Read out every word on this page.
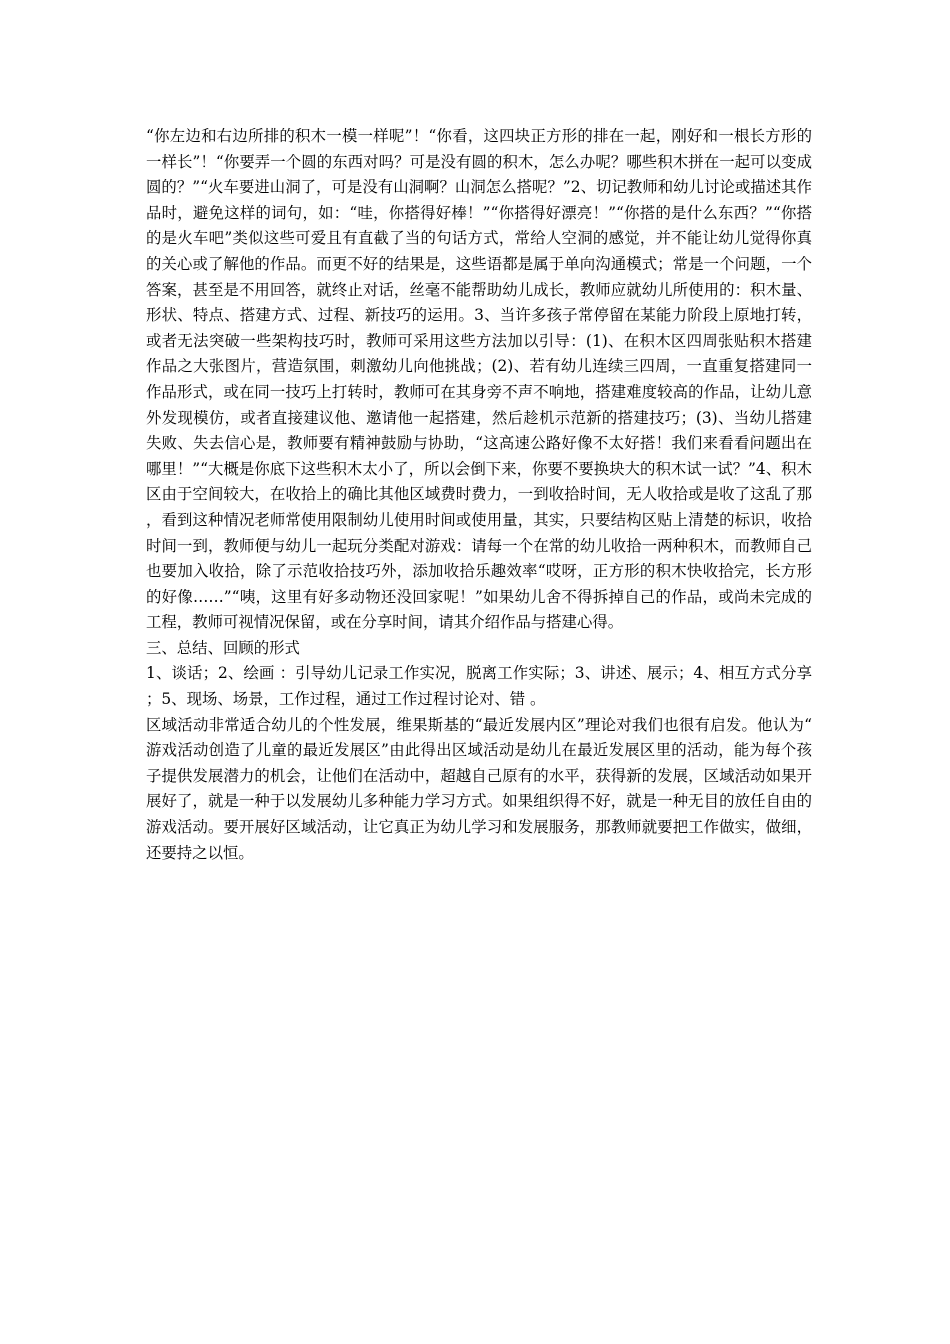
“你左边和右边所排的积木一模一样呢”！“你看，这四块正方形的排在一起，刚好和一根长方形的一样长”！“你要弄一个圆的东西对吗？可是没有圆的积木，怎么办呢？哪些积木拼在一起可以变成圆的？”“火车要进山洞了，可是没有山洞啊？山洞怎么搭呢？”2、切记教师和幼儿讨论或描述其作品时，避免这样的词句，如：“哇，你搭得好棒！”“你搭得好漂亮！”“你搭的是什么东西？”“你搭的是火车吧”类似这些可爱且有直截了当的句话方式，常给人空洞的感觉，并不能让幼儿觉得你真的关心或了解他的作品。而更不好的结果是，这些语都是属于单向沟通模式；常是一个问题，一个答案，甚至是不用回答，就终止对话，丝毫不能帮助幼儿成长，教师应就幼儿所使用的：积木量、形状、特点、搭建方式、过程、新技巧的运用。3、当许多孩子常停留在某能力阶段上原地打转，或者无法突破一些架构技巧时，教师可采用这些方法加以引导：(1)、在积木区四周张贴积木搭建作品之大张图片，营造氛围，刺激幼儿向他挑战；(2)、若有幼儿连续三四周，一直重复搭建同一作品形式，或在同一技巧上打转时，教师可在其身旁不声不响地，搭建难度较高的作品，让幼儿意外发现模仿，或者直接建议他、邀请他一起搭建，然后趁机示范新的搭建技巧；(3)、当幼儿搭建失败、失去信心是，教师要有精神鼓励与协助，“这高速公路好像不太好搭！我们来看看问题出在哪里！”“大概是你底下这些积木太小了，所以会倒下来，你要不要换块大的积木试一试？”4、积木区由于空间较大，在收拾上的确比其他区域费时费力，一到收拾时间，无人收拾或是收了这乱了那，看到这种情况老师常使用限制幼儿使用时间或使用量，其实，只要结构区贴上清楚的标识，收拾时间一到，教师便与幼儿一起玩分类配对游戏：请每一个在常的幼儿收拾一两种积木，而教师自己也要加入收拾，除了示范收拾技巧外，添加收拾乐趣效率“哎呀，正方形的积木快收拾完，长方形的好像……”“咦，这里有好多动物还没回家呢！”如果幼儿舍不得拆掉自己的作品，或尚未完成的工程，教师可视情况保留，或在分享时间，请其介绍作品与搭建心得。

三、总结、回顾的形式

1、谈话；2、绘画 ：引导幼儿记录工作实况，脱离工作实际；3、讲述、展示；4、相互方式分享；5、现场、场景，工作过程，通过工作过程讨论对、错 。

区域活动非常适合幼儿的个性发展，维果斯基的“最近发展内区”理论对我们也很有启发。他认为“游戏活动创造了儿童的最近发展区”由此得出区域活动是幼儿在最近发展区里的活动，能为每个孩子提供发展潜力的机会，让他们在活动中，超越自己原有的水平，获得新的发展，区域活动如果开展好了，就是一种于以发展幼儿多种能力学习方式。如果组织得不好，就是一种无目的放任自由的游戏活动。要开展好区域活动，让它真正为幼儿学习和发展服务，那教师就要把工作做实，做细，还要持之以恒。
